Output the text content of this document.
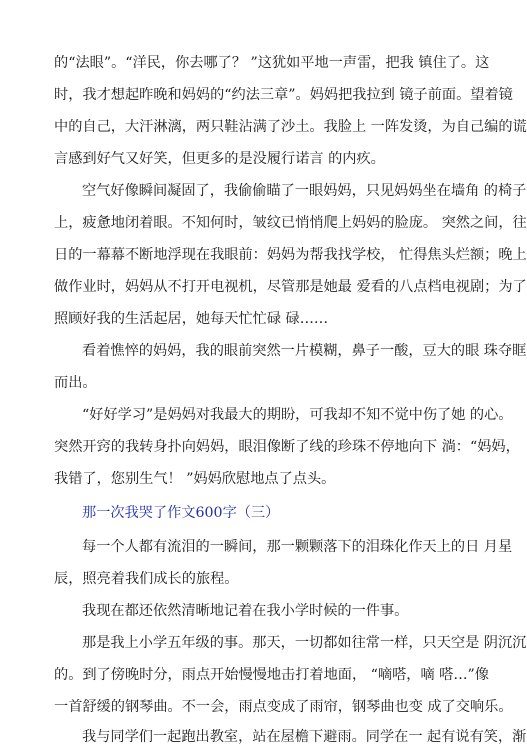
的“法眼”。“洋民，你去哪了？ ”这犹如平地一声雷，把我 镇住了。这
时，我才想起昨晚和妈妈的“约法三章”。妈妈把我拉到 镜子前面。望着镜
中的自己，大汗淋漓，两只鞋沾满了沙土。我脸上 一阵发烫，为自己编的谎
言感到好气又好笑，但更多的是没履行诺言 的内疚。
空气好像瞬间凝固了，我偷偷瞄了一眼妈妈，只见妈妈坐在墙角 的椅子
上，疲惫地闭着眼。不知何时，皱纹已悄悄爬上妈妈的脸庞。 突然之间，往
日的一幕幕不断地浮现在我眼前：妈妈为帮我找学校， 忙得焦头烂额；晚上
做作业时，妈妈从不打开电视机，尽管那是她最 爱看的八点档电视剧；为了
照顾好我的生活起居，她每天忙忙碌 碌……
看着憔悴的妈妈，我的眼前突然一片模糊，鼻子一酸，豆大的眼 珠夺眶
而出。
“好好学习”是妈妈对我最大的期盼，可我却不知不觉中伤了她 的心。
突然开窍的我转身扑向妈妈，眼泪像断了线的珍珠不停地向下 淌：“妈妈，
我错了，您别生气！ ”妈妈欣慰地点了点头。
那一次我哭了作文600字（三）
每一个人都有流泪的一瞬间，那一颗颗落下的泪珠化作天上的日 月星
辰，照亮着我们成长的旅程。
我现在都还依然清晰地记着在我小学时候的一件事。
那是我上小学五年级的事。那天，一切都如往常一样，只天空是 阴沉沉
的。到了傍晚时分，雨点开始慢慢地击打着地面， “嘀嗒，嘀 嗒…”像
一首舒缓的钢琴曲。不一会，雨点变成了雨帘，钢琴曲也变 成了交响乐。
我与同学们一起跑出教室，站在屋檐下避雨。同学在一 起有说有笑，渐
